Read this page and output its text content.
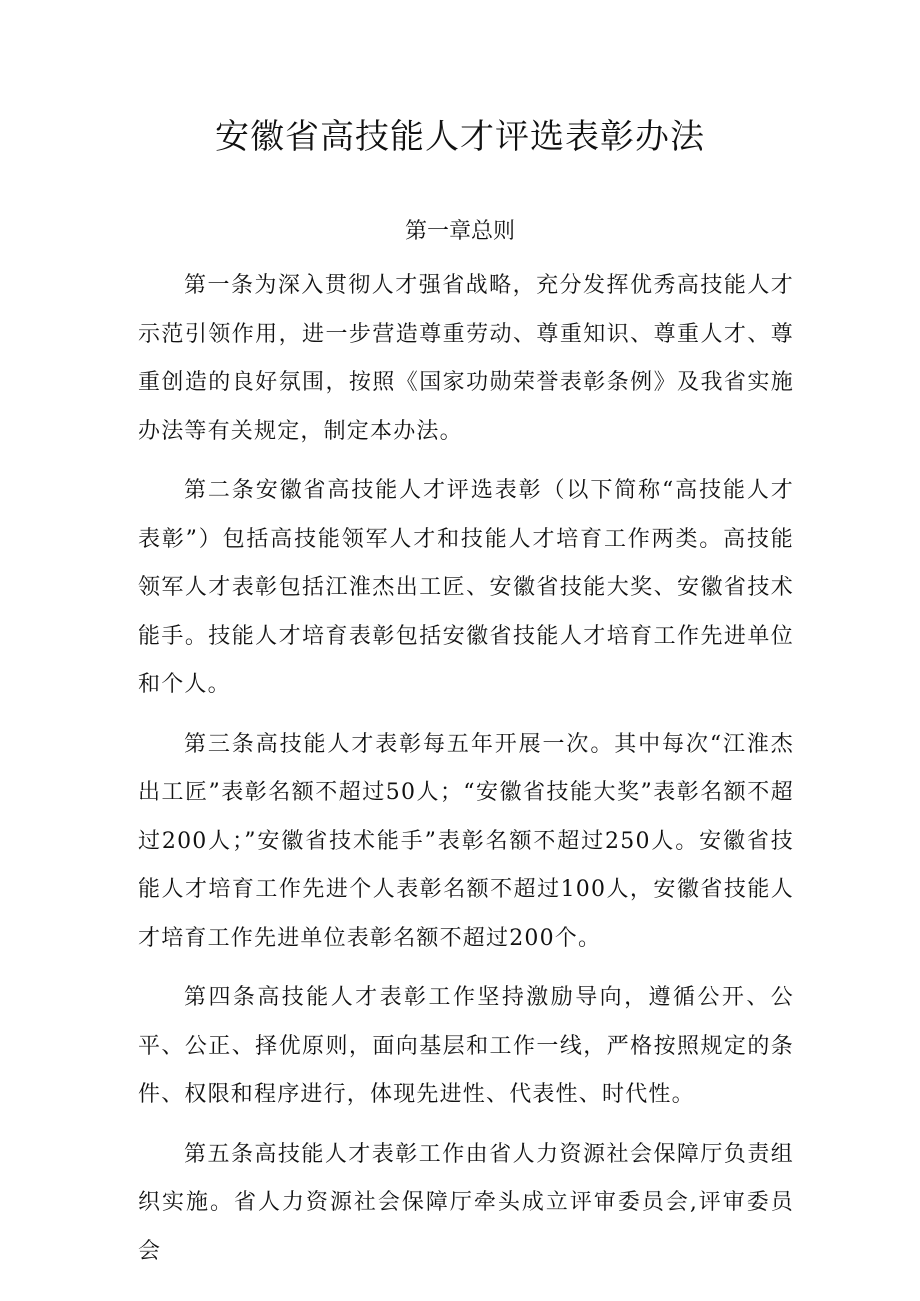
安徽省高技能人才评选表彰办法
第一章总则

第一条为深入贯彻人才强省战略，充分发挥优秀高技能人才示范引领作用，进一步营造尊重劳动、尊重知识、尊重人才、尊重创造的良好氛围，按照《国家功勋荣誉表彰条例》及我省实施办法等有关规定，制定本办法。

第二条安徽省高技能人才评选表彰（以下简称“高技能人才表彰”）包括高技能领军人才和技能人才培育工作两类。高技能领军人才表彰包括江淮杰出工匠、安徽省技能大奖、安徽省技术能手。技能人才培育表彰包括安徽省技能人才培育工作先进单位和个人。

第三条高技能人才表彰每五年开展一次。其中每次“江淮杰出工匠”表彰名额不超过50人；“安徽省技能大奖”表彰名额不超过200人；”安徽省技术能手”表彰名额不超过250人。安徽省技能人才培育工作先进个人表彰名额不超过100人，安徽省技能人才培育工作先进单位表彰名额不超过200个。

第四条高技能人才表彰工作坚持激励导向，遵循公开、公平、公正、择优原则，面向基层和工作一线，严格按照规定的条件、权限和程序进行，体现先进性、代表性、时代性。

第五条高技能人才表彰工作由省人力资源社会保障厅负责组织实施。省人力资源社会保障厅牵头成立评审委员会,评审委员会
